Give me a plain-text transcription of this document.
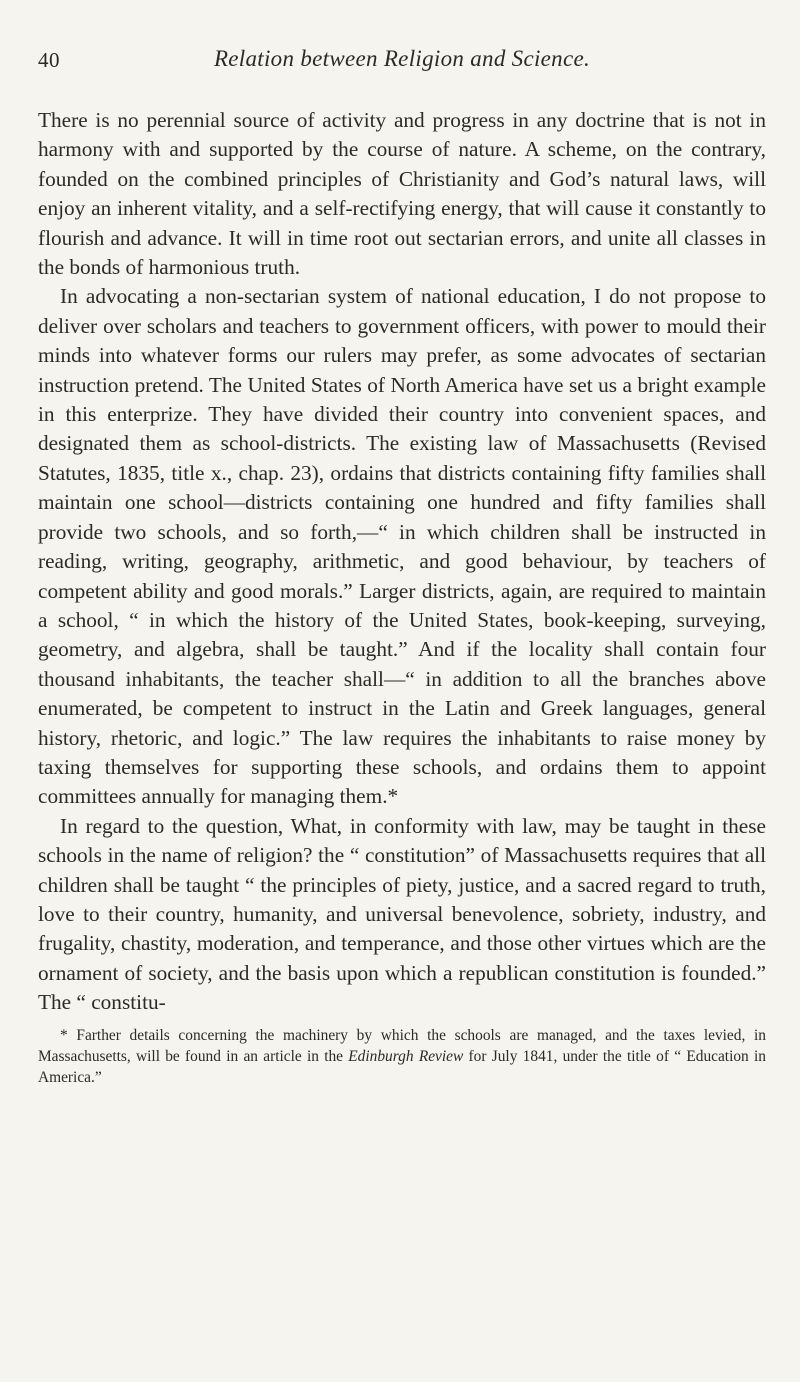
40	Relation between Religion and Science.

There is no perennial source of activity and progress in any doctrine that is not in harmony with and supported by the course of nature. A scheme, on the contrary, founded on the combined principles of Christianity and God’s natural laws, will enjoy an inherent vitality, and a self-rectifying energy, that will cause it constantly to flourish and advance. It will in time root out sectarian errors, and unite all classes in the bonds of harmonious truth.

In advocating a non-sectarian system of national education, I do not propose to deliver over scholars and teachers to government officers, with power to mould their minds into whatever forms our rulers may prefer, as some advocates of sectarian instruction pretend. The United States of North America have set us a bright example in this enterprize. They have divided their country into convenient spaces, and designated them as school-districts. The existing law of Massachusetts (Revised Statutes, 1835, title x., chap. 23), ordains that districts containing fifty families shall maintain one school—districts containing one hundred and fifty families shall provide two schools, and so forth,—“ in which children shall be instructed in reading, writing, geography, arithmetic, and good behaviour, by teachers of competent ability and good morals.” Larger districts, again, are required to maintain a school, “ in which the history of the United States, book-keeping, surveying, geometry, and algebra, shall be taught.” And if the locality shall contain four thousand inhabitants, the teacher shall—“ in addition to all the branches above enumerated, be competent to instruct in the Latin and Greek languages, general history, rhetoric, and logic.” The law requires the inhabitants to raise money by taxing themselves for supporting these schools, and ordains them to appoint committees annually for managing them.*

In regard to the question, What, in conformity with law, may be taught in these schools in the name of religion? the “ constitution” of Massachusetts requires that all children shall be taught “ the principles of piety, justice, and a sacred regard to truth, love to their country, humanity, and universal benevolence, sobriety, industry, and frugality, chastity, moderation, and temperance, and those other virtues which are the ornament of society, and the basis upon which a republican constitution is founded.” The “ constitu-

* Farther details concerning the machinery by which the schools are managed, and the taxes levied, in Massachusetts, will be found in an article in the Edinburgh Review for July 1841, under the title of “ Education in America.”
